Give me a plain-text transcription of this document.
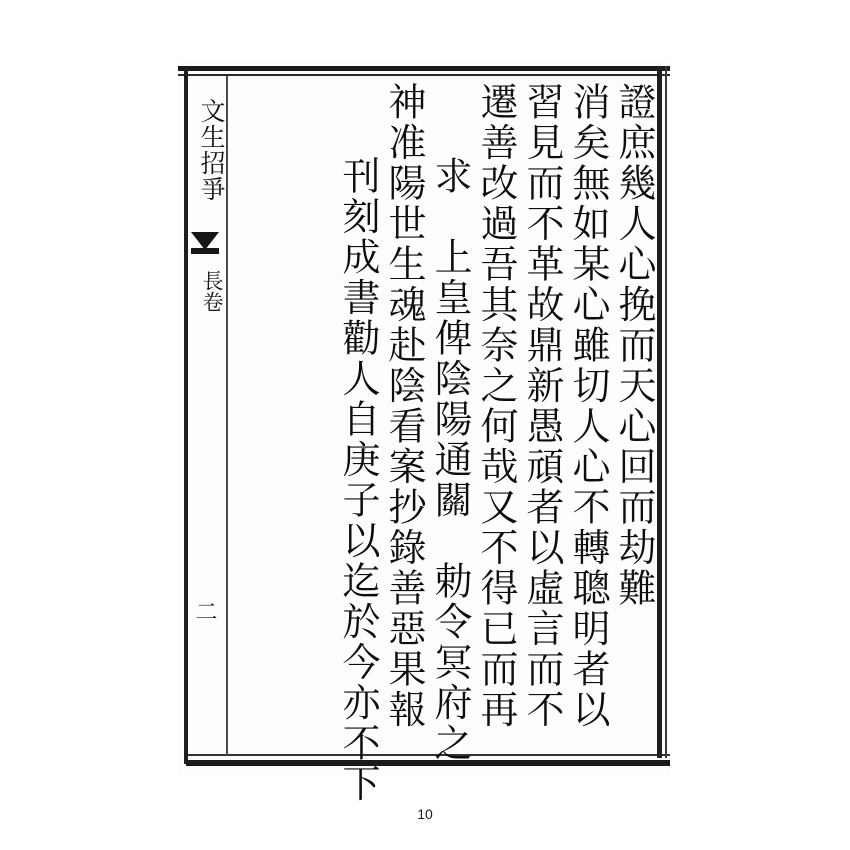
文生招爭
長卷
二
證庶幾人心挽而天心回而劫難
消矣無如某心雖切人心不轉聰明者以
習見而不革故鼎新愚頑者以虛言而不
遷善改過吾其奈之何哉又不得已而再
求　上皇俾陰陽通關　勅令冥府之
神准陽世生魂赴陰看案抄錄善惡果報
刊刻成書勸人自庚子以迄於今亦不下
10
